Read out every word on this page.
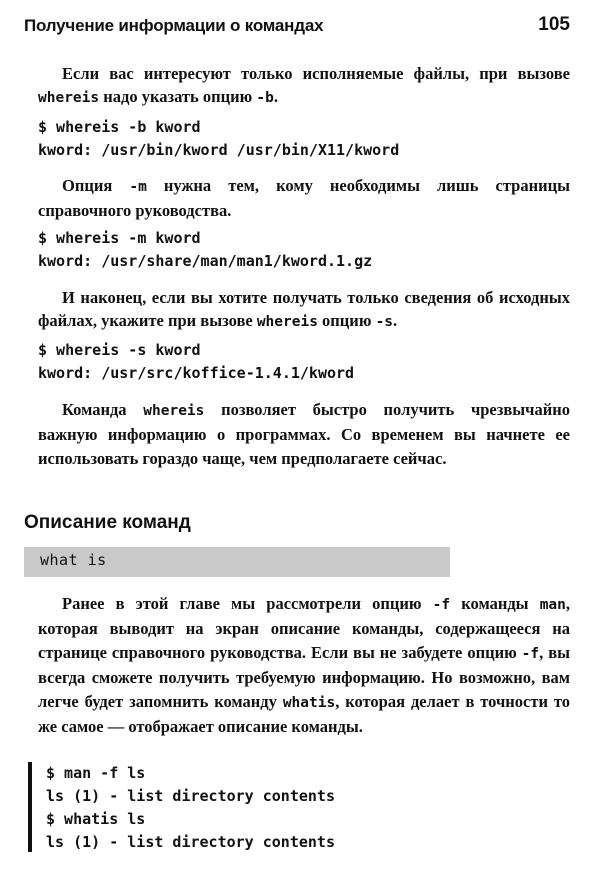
Получение информации о командах	105
Если вас интересуют только исполняемые файлы, при вызове whereis надо указать опцию -b.
$ whereis -b kword
kword: /usr/bin/kword /usr/bin/X11/kword
Опция -m нужна тем, кому необходимы лишь страницы справочного руководства.
$ whereis -m kword
kword: /usr/share/man/man1/kword.1.gz
И наконец, если вы хотите получать только сведения об исходных файлах, укажите при вызове whereis опцию -s.
$ whereis -s kword
kword: /usr/src/koffice-1.4.1/kword
Команда whereis позволяет быстро получить чрезвычайно важную информацию о программах. Со временем вы начнете ее использовать гораздо чаще, чем предполагаете сейчас.
Описание команд
what is
Ранее в этой главе мы рассмотрели опцию -f команды man, которая выводит на экран описание команды, содержащееся на странице справочного руководства. Если вы не забудете опцию -f, вы всегда сможете получить требуемую информацию. Но возможно, вам легче будет запомнить команду whatis, которая делает в точности то же самое — отображает описание команды.
$ man -f ls
ls (1) - list directory contents
$ whatis ls
ls (1) - list directory contents
